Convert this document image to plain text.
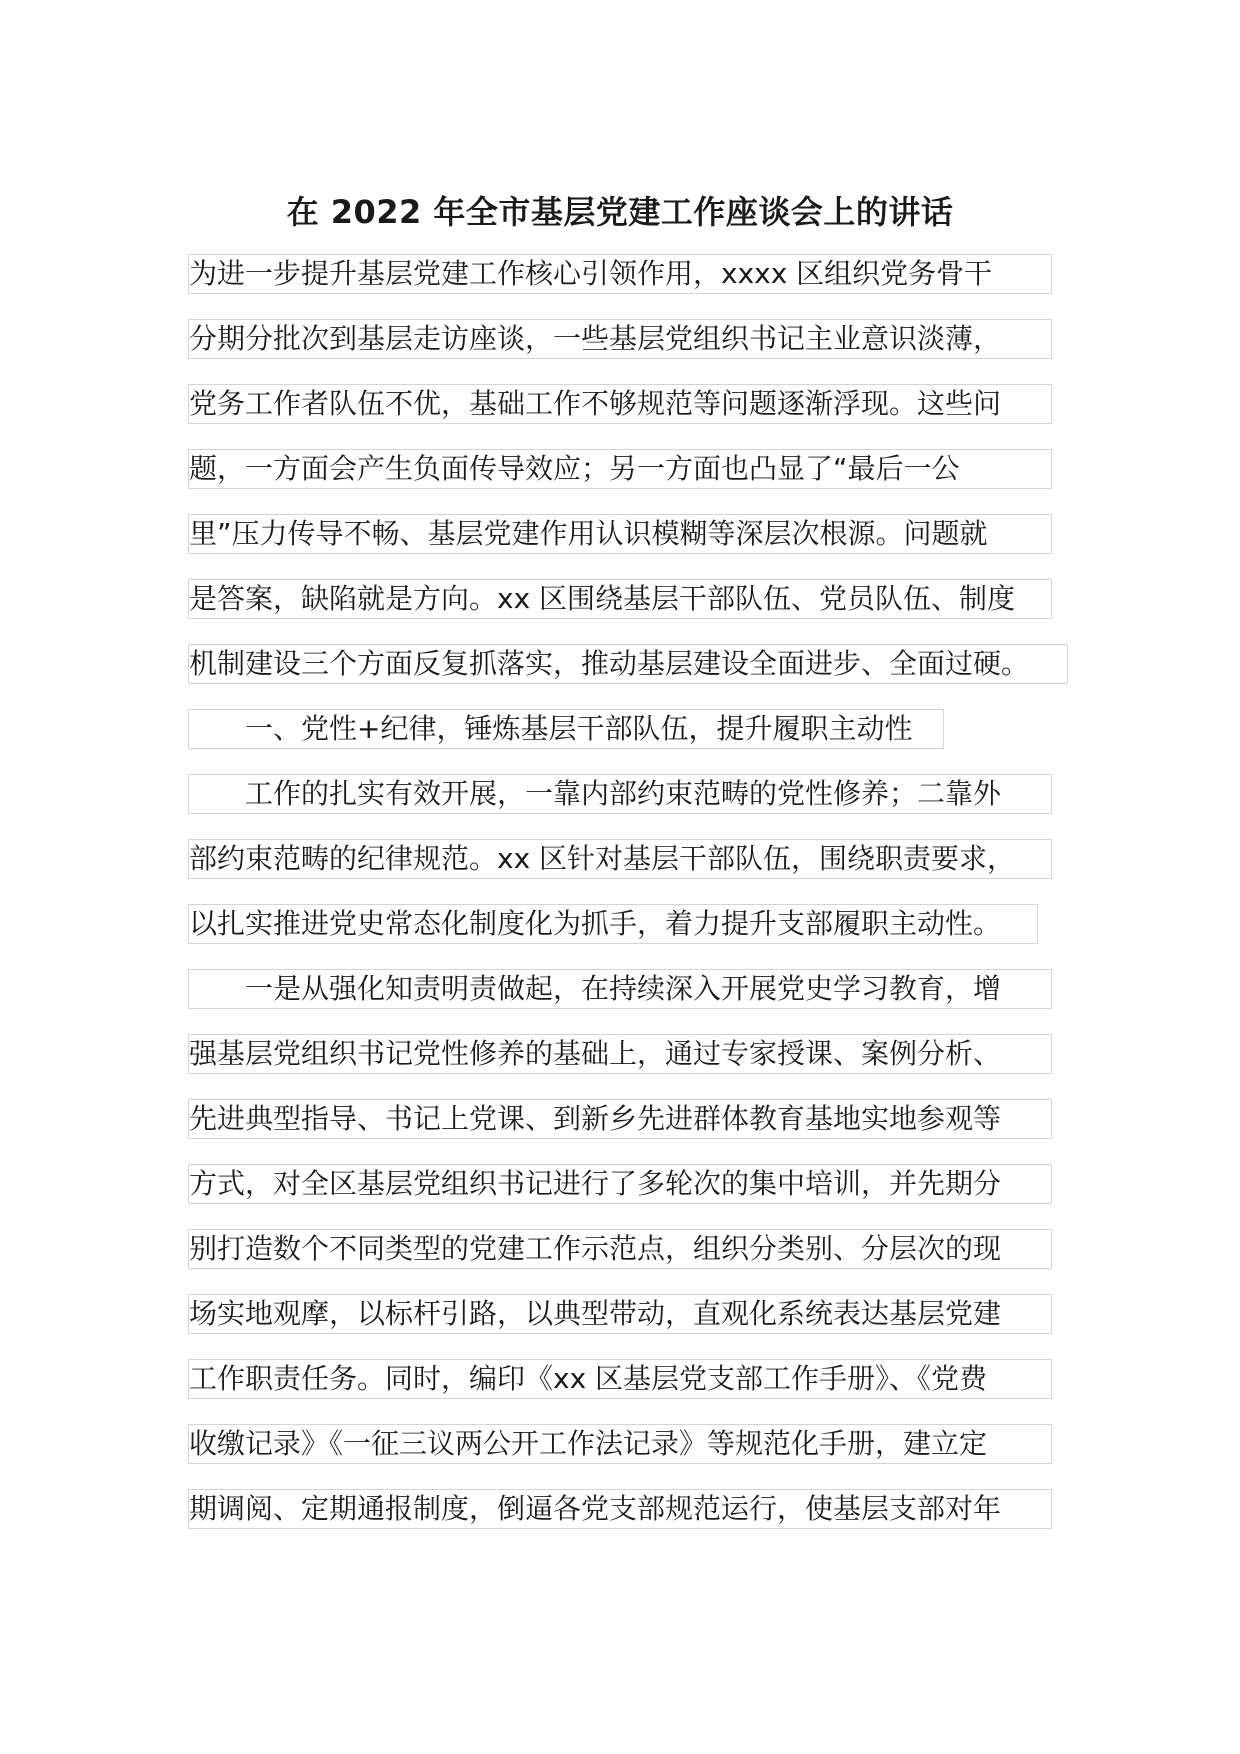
在 2022 年全市基层党建工作座谈会上的讲话
为进一步提升基层党建工作核心引领作用，xxxx 区组织党务骨干
分期分批次到基层走访座谈，一些基层党组织书记主业意识淡薄，
党务工作者队伍不优，基础工作不够规范等问题逐渐浮现。这些问
题，一方面会产生负面传导效应；另一方面也凸显了“最后一公
里”压力传导不畅、基层党建作用认识模糊等深层次根源。问题就
是答案，缺陷就是方向。xx 区围绕基层干部队伍、党员队伍、制度
机制建设三个方面反复抓落实，推动基层建设全面进步、全面过硬。
　　一、党性+纪律，锤炼基层干部队伍，提升履职主动性
　　工作的扎实有效开展，一靠内部约束范畴的党性修养；二靠外
部约束范畴的纪律规范。xx 区针对基层干部队伍，围绕职责要求，
以扎实推进党史常态化制度化为抓手，着力提升支部履职主动性。
　　一是从强化知责明责做起，在持续深入开展党史学习教育，增
强基层党组织书记党性修养的基础上，通过专家授课、案例分析、
先进典型指导、书记上党课、到新乡先进群体教育基地实地参观等
方式，对全区基层党组织书记进行了多轮次的集中培训，并先期分
别打造数个不同类型的党建工作示范点，组织分类别、分层次的现
场实地观摩，以标杆引路，以典型带动，直观化系统表达基层党建
工作职责任务。同时，编印《xx 区基层党支部工作手册》、《党费
收缴记录》《一征三议两公开工作法记录》等规范化手册，建立定
期调阅、定期通报制度，倒逼各党支部规范运行，使基层支部对年
